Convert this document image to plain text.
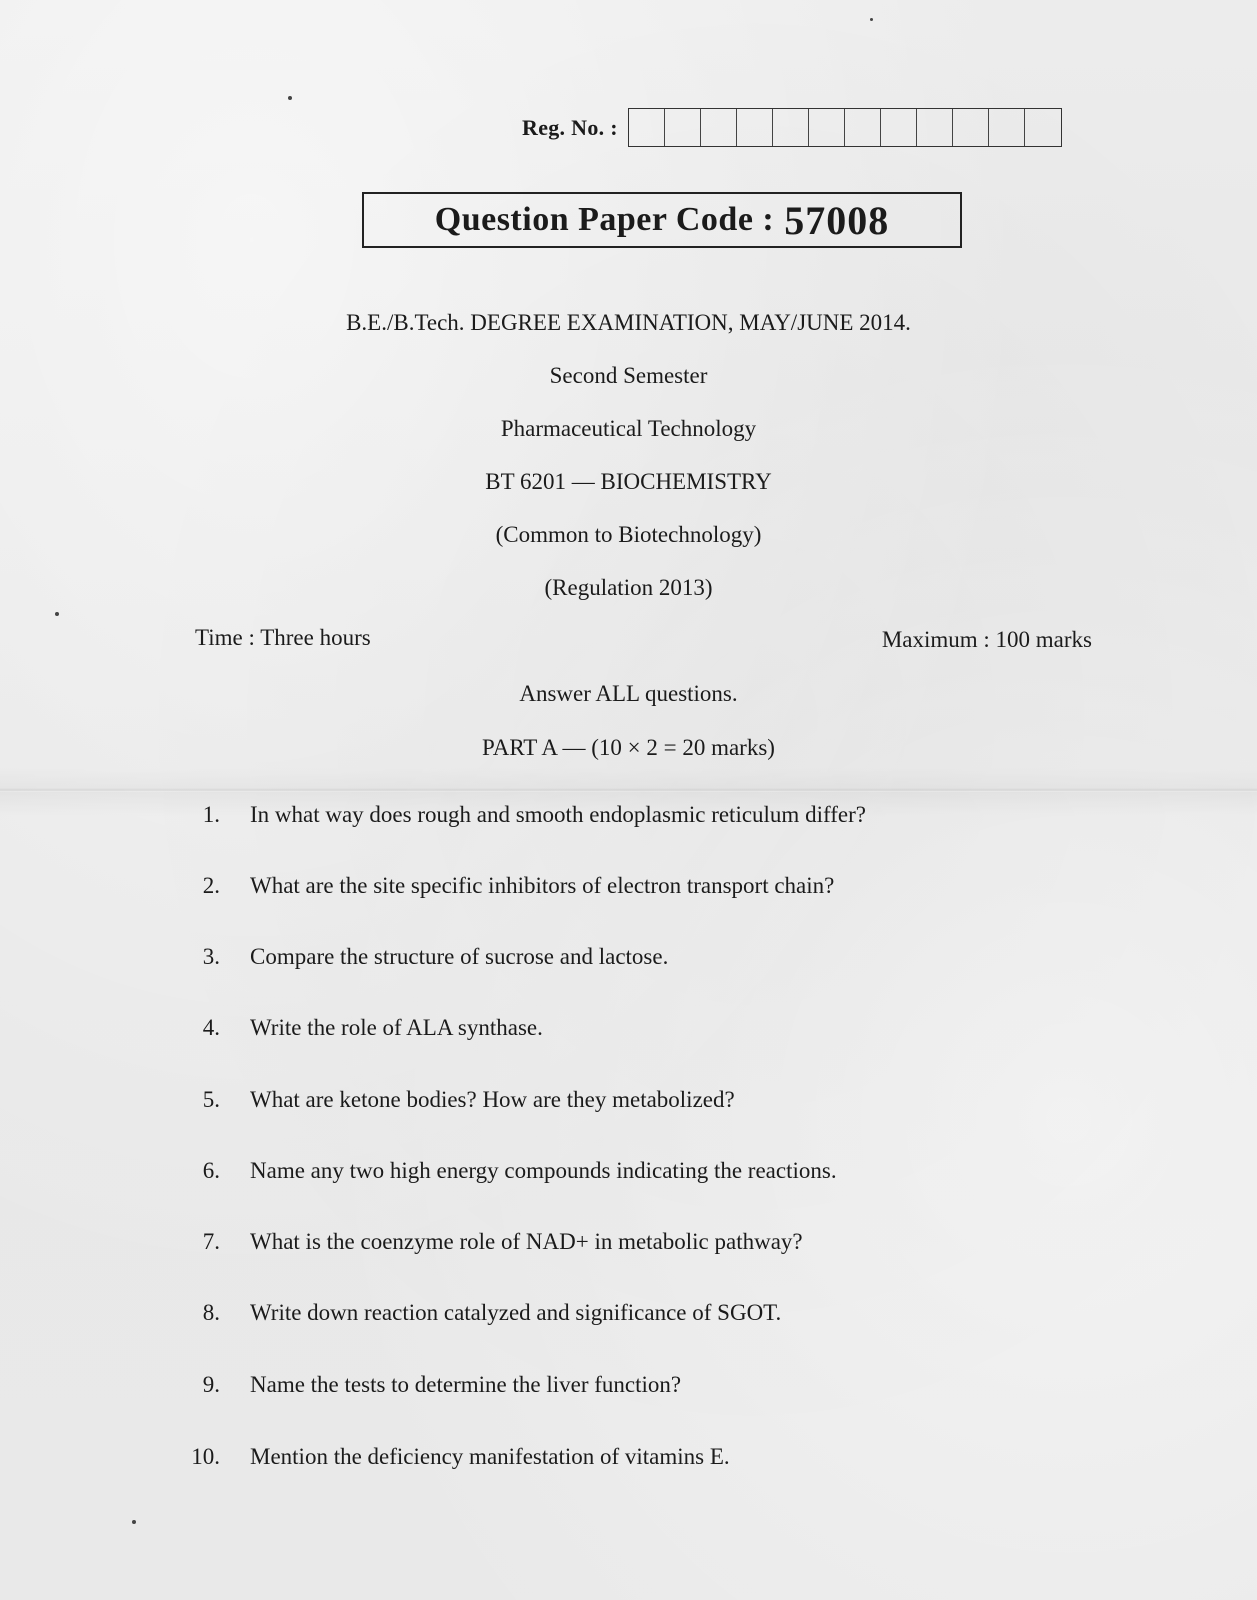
Reg. No. :
Question Paper Code : 57008
B.E./B.Tech. DEGREE EXAMINATION, MAY/JUNE 2014.
Second Semester
Pharmaceutical Technology
BT 6201 — BIOCHEMISTRY
(Common to Biotechnology)
(Regulation 2013)
Time : Three hours	Maximum : 100 marks
Answer ALL questions.
PART A — (10 × 2 = 20 marks)
1.	In what way does rough and smooth endoplasmic reticulum differ?
2.	What are the site specific inhibitors of electron transport chain?
3.	Compare the structure of sucrose and lactose.
4.	Write the role of ALA synthase.
5.	What are ketone bodies? How are they metabolized?
6.	Name any two high energy compounds indicating the reactions.
7.	What is the coenzyme role of NAD+ in metabolic pathway?
8.	Write down reaction catalyzed and significance of SGOT.
9.	Name the tests to determine the liver function?
10.	Mention the deficiency manifestation of vitamins E.
